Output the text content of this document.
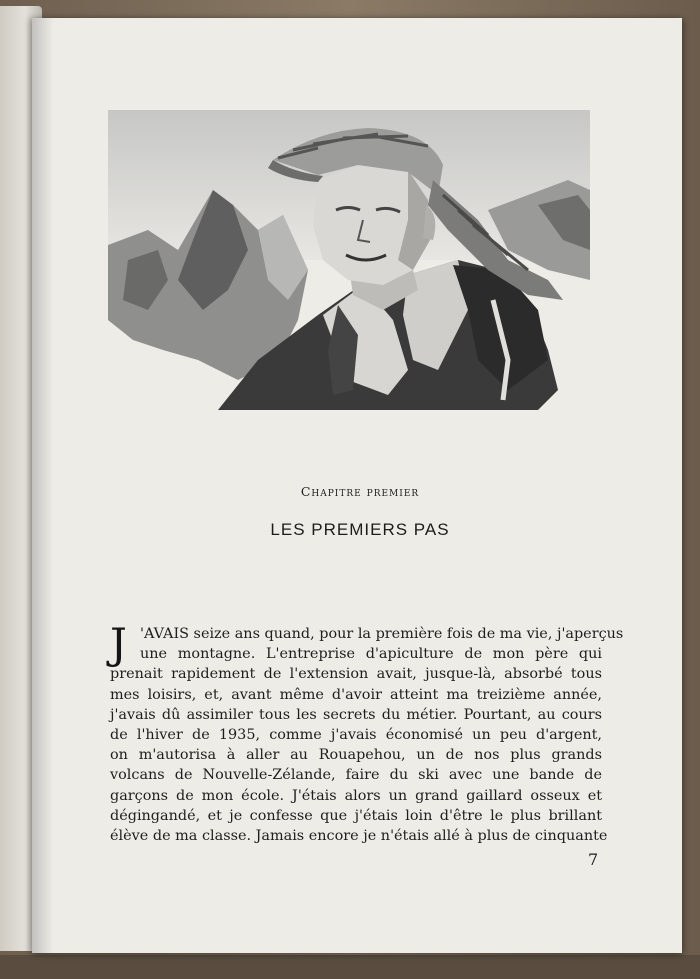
Chapitre premier
LES PREMIERS PAS
J 'AVAIS seize ans quand, pour la première fois de ma vie, j'aperçus
une montagne. L'entreprise d'apiculture de mon père qui
prenait rapidement de l'extension avait, jusque-là, absorbé tous
mes loisirs, et, avant même d'avoir atteint ma treizième année,
j'avais dû assimiler tous les secrets du métier. Pourtant, au cours
de l'hiver de 1935, comme j'avais économisé un peu d'argent,
on m'autorisa à aller au Rouapehou, un de nos plus grands
volcans de Nouvelle-Zélande, faire du ski avec une bande de
garçons de mon école. J'étais alors un grand gaillard osseux et
dégingandé, et je confesse que j'étais loin d'être le plus brillant
élève de ma classe. Jamais encore je n'étais allé à plus de cinquante
7
